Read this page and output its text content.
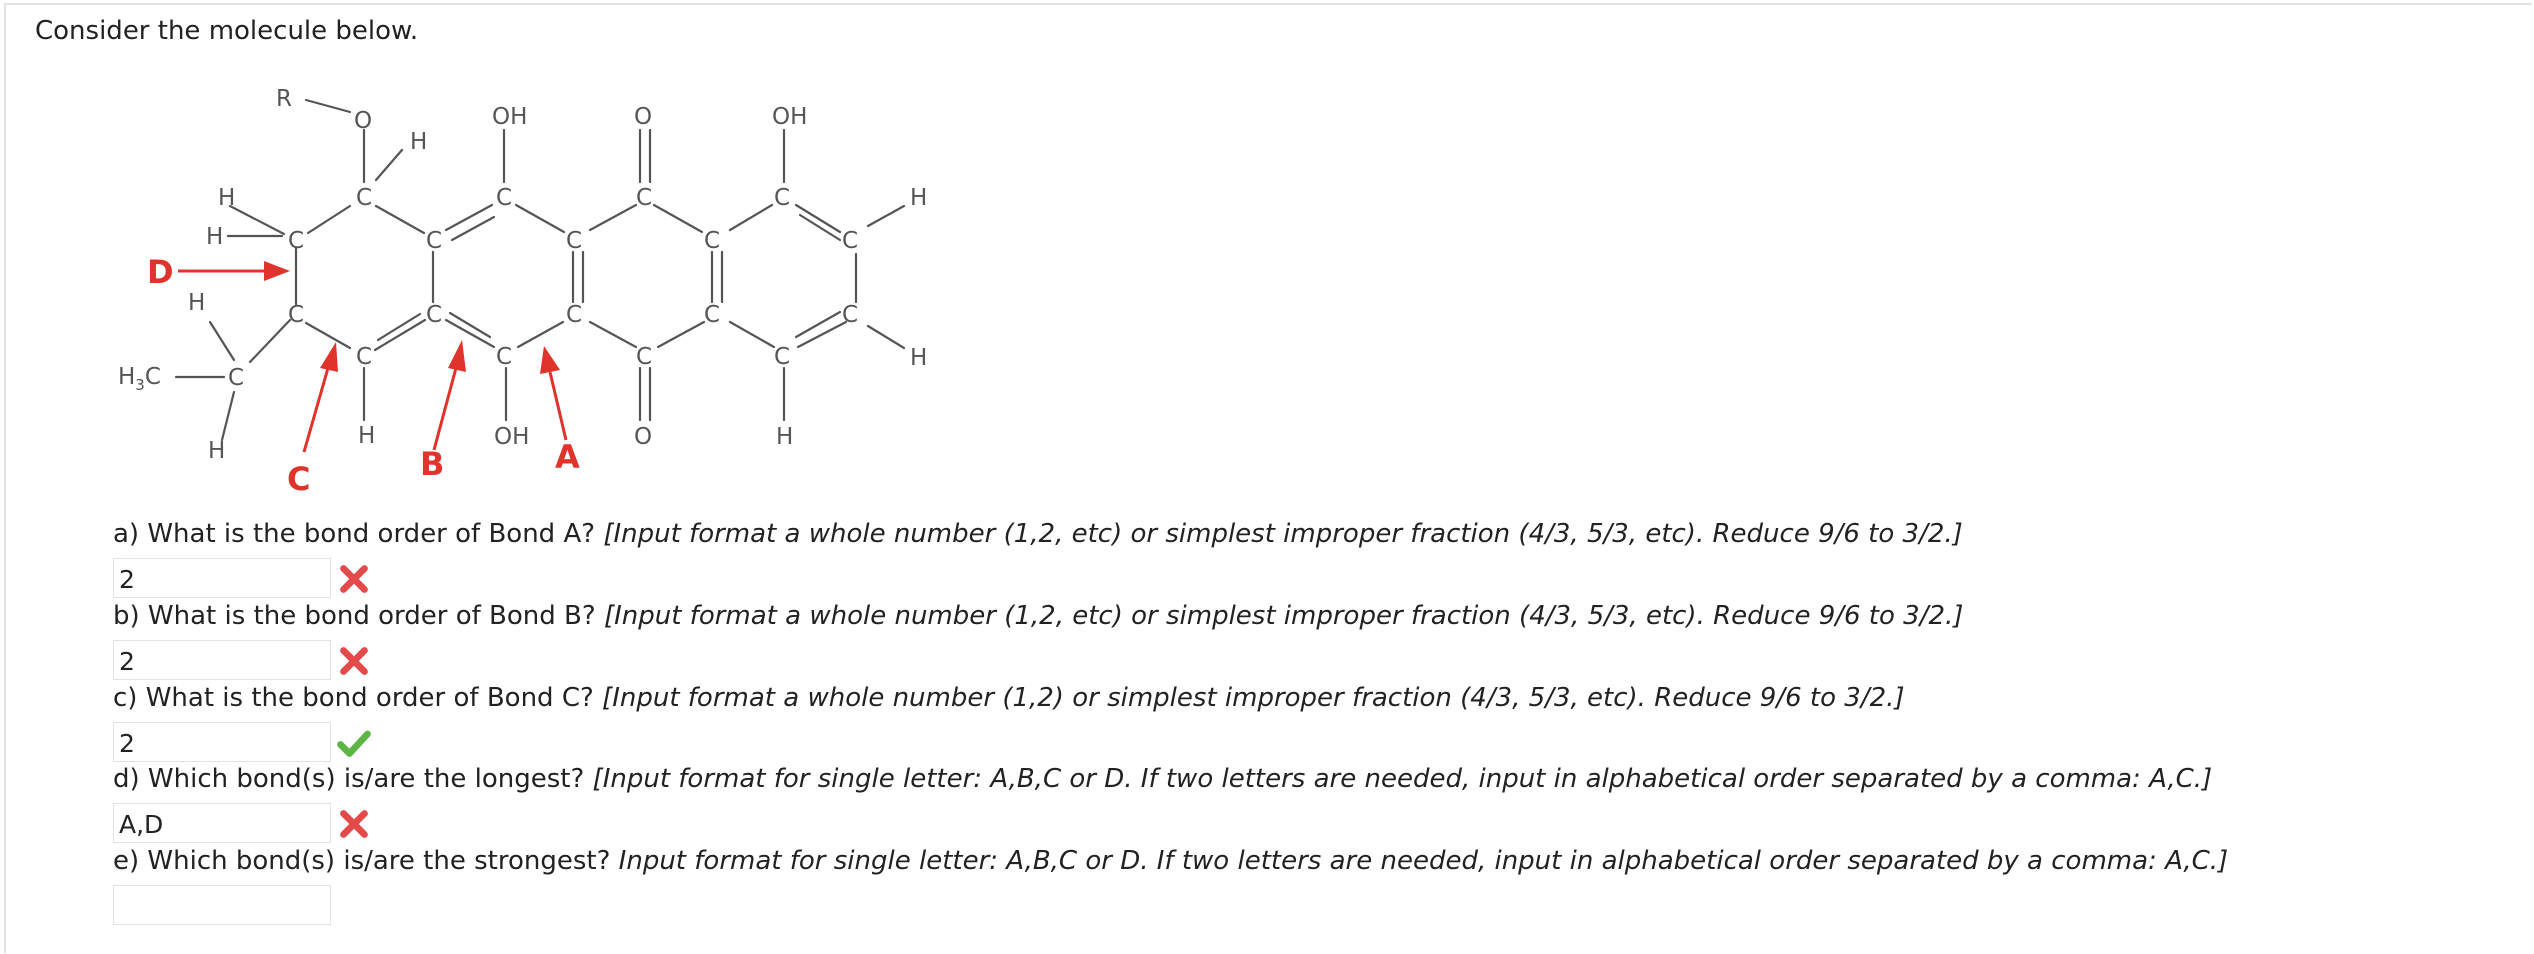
Consider the molecule below.
R
O
H
OH	O	OH
H
H
C	C	C	C
C	C	C	C	C
C	C	C	C	C
C	C	C	C
H
H
H
C
$H_3C$
H
H	OH	O	H
D
C	B	A
a) What is the bond order of Bond A? [Input format a whole number (1,2, etc) or simplest improper fraction (4/3, 5/3, etc). Reduce 9/6 to 3/2.]
2
b) What is the bond order of Bond B? [Input format a whole number (1,2, etc) or simplest improper fraction (4/3, 5/3, etc). Reduce 9/6 to 3/2.]
2
c) What is the bond order of Bond C? [Input format a whole number (1,2) or simplest improper fraction (4/3, 5/3, etc). Reduce 9/6 to 3/2.]
2
d) Which bond(s) is/are the longest? [Input format for single letter: A,B,C or D. If two letters are needed, input in alphabetical order separated by a comma: A,C.]
A,D
e) Which bond(s) is/are the strongest? Input format for single letter: A,B,C or D. If two letters are needed, input in alphabetical order separated by a comma: A,C.]
